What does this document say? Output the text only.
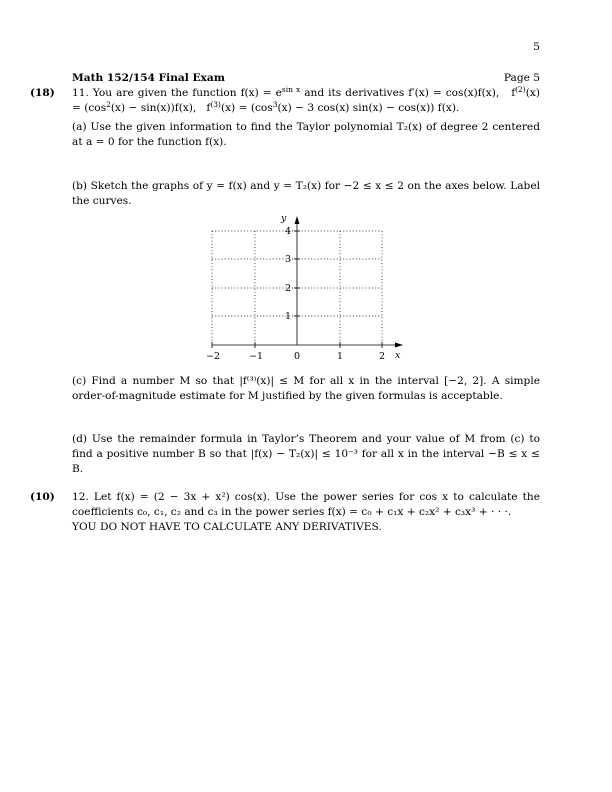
5
Math 152/154 Final Exam	Page 5
(18) 11. You are given the function $f(x) = e^{sin x}$ and its derivatives f′(x) = cos(x)f(x), $f^{(2)}(x) = (\cos^2(x) - \sin(x))f(x)$, $f^{(3)}(x) = (\cos^3(x) - 3$ cos(x) sin(x) − cos(x)) f(x).
(a) Use the given information to find the Taylor polynomial T₂(x) of degree 2 centered at a = 0 for the function f(x).
(b) Sketch the graphs of y = f(x) and y = T₂(x) for −2 ≤ x ≤ 2 on the axes below. Label the curves.
y
x
−2	−1	0	1	2
1
2
3
4
(c) Find a number M so that |f⁽³⁾(x)| ≤ M for all x in the interval [−2, 2]. A simple order-of-magnitude estimate for M justified by the given formulas is acceptable.
(d) Use the remainder formula in Taylor’s Theorem and your value of M from (c) to find a positive number B so that |f(x) − T₂(x)| ≤ 10⁻³ for all x in the interval −B ≤ x ≤ B.
(10) 12. Let f(x) = (2 − 3x + x²) cos(x). Use the power series for cos x to calculate the coefficients c₀, c₁, c₂ and c₃ in the power series f(x) = c₀ + c₁x + c₂x² + c₃x³ + · · ·.
YOU DO NOT HAVE TO CALCULATE ANY DERIVATIVES.
